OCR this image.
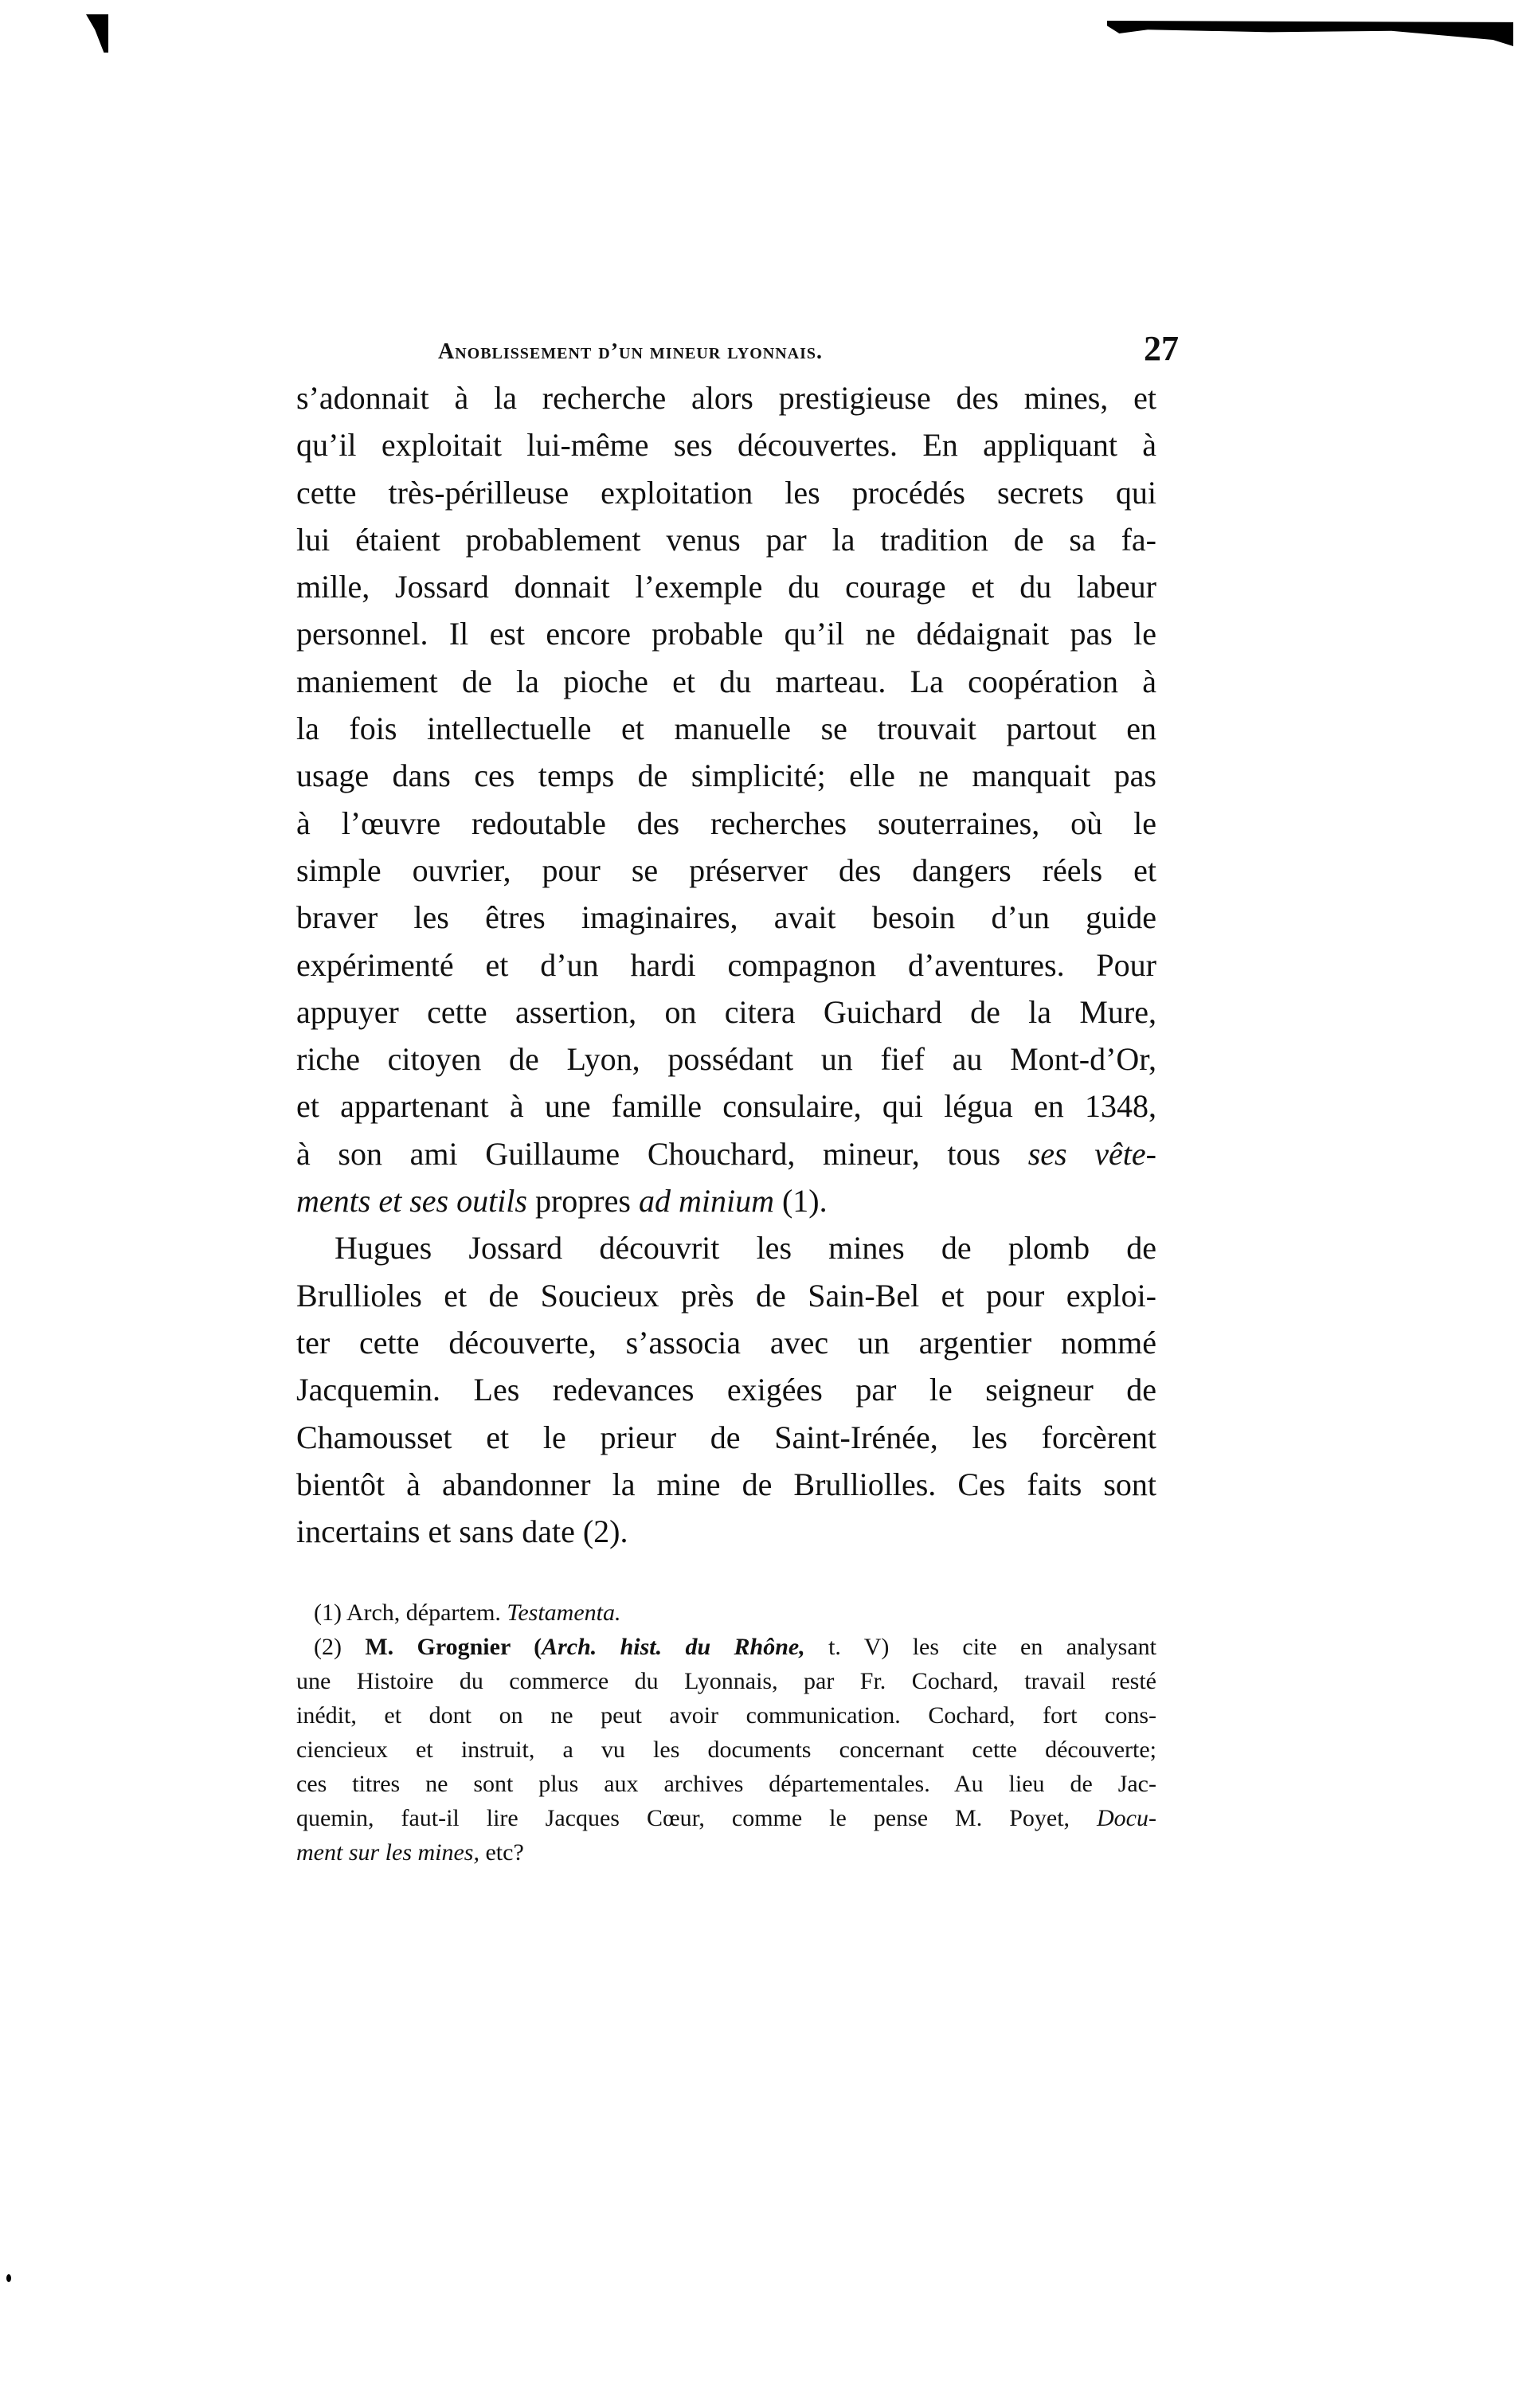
Anoblissement d’un mineur lyonnais.	27
s’adonnait à la recherche alors prestigieuse des mines, et
qu’il exploitait lui-même ses découvertes. En appliquant à
cette très-périlleuse exploitation les procédés secrets qui
lui étaient probablement venus par la tradition de sa fa-
mille, Jossard donnait l’exemple du courage et du labeur
personnel. Il est encore probable qu’il ne dédaignait pas le
maniement de la pioche et du marteau. La coopération à
la fois intellectuelle et manuelle se trouvait partout en
usage dans ces temps de simplicité; elle ne manquait pas
à l’œuvre redoutable des recherches souterraines, où le
simple ouvrier, pour se préserver des dangers réels et
braver les êtres imaginaires, avait besoin d’un guide
expérimenté et d’un hardi compagnon d’aventures. Pour
appuyer cette assertion, on citera Guichard de la Mure,
riche citoyen de Lyon, possédant un fief au Mont-d’Or,
et appartenant à une famille consulaire, qui légua en 1348,
à son ami Guillaume Chouchard, mineur, tous ses vête-
ments et ses outils propres ad minium (1).
Hugues Jossard découvrit les mines de plomb de
Brullioles et de Soucieux près de Sain-Bel et pour exploi-
ter cette découverte, s’associa avec un argentier nommé
Jacquemin. Les redevances exigées par le seigneur de
Chamousset et le prieur de Saint-Irénée, les forcèrent
bientôt à abandonner la mine de Brulliolles. Ces faits sont
incertains et sans date (2).
(1) Arch, départem. Testamenta.
(2) M. Grognier (Arch. hist. du Rhône, t. V) les cite en analysant
une Histoire du commerce du Lyonnais, par Fr. Cochard, travail resté
inédit, et dont on ne peut avoir communication. Cochard, fort cons-
ciencieux et instruit, a vu les documents concernant cette découverte;
ces titres ne sont plus aux archives départementales. Au lieu de Jac-
quemin, faut-il lire Jacques Cœur, comme le pense M. Poyet, Docu-
ment sur les mines, etc?
